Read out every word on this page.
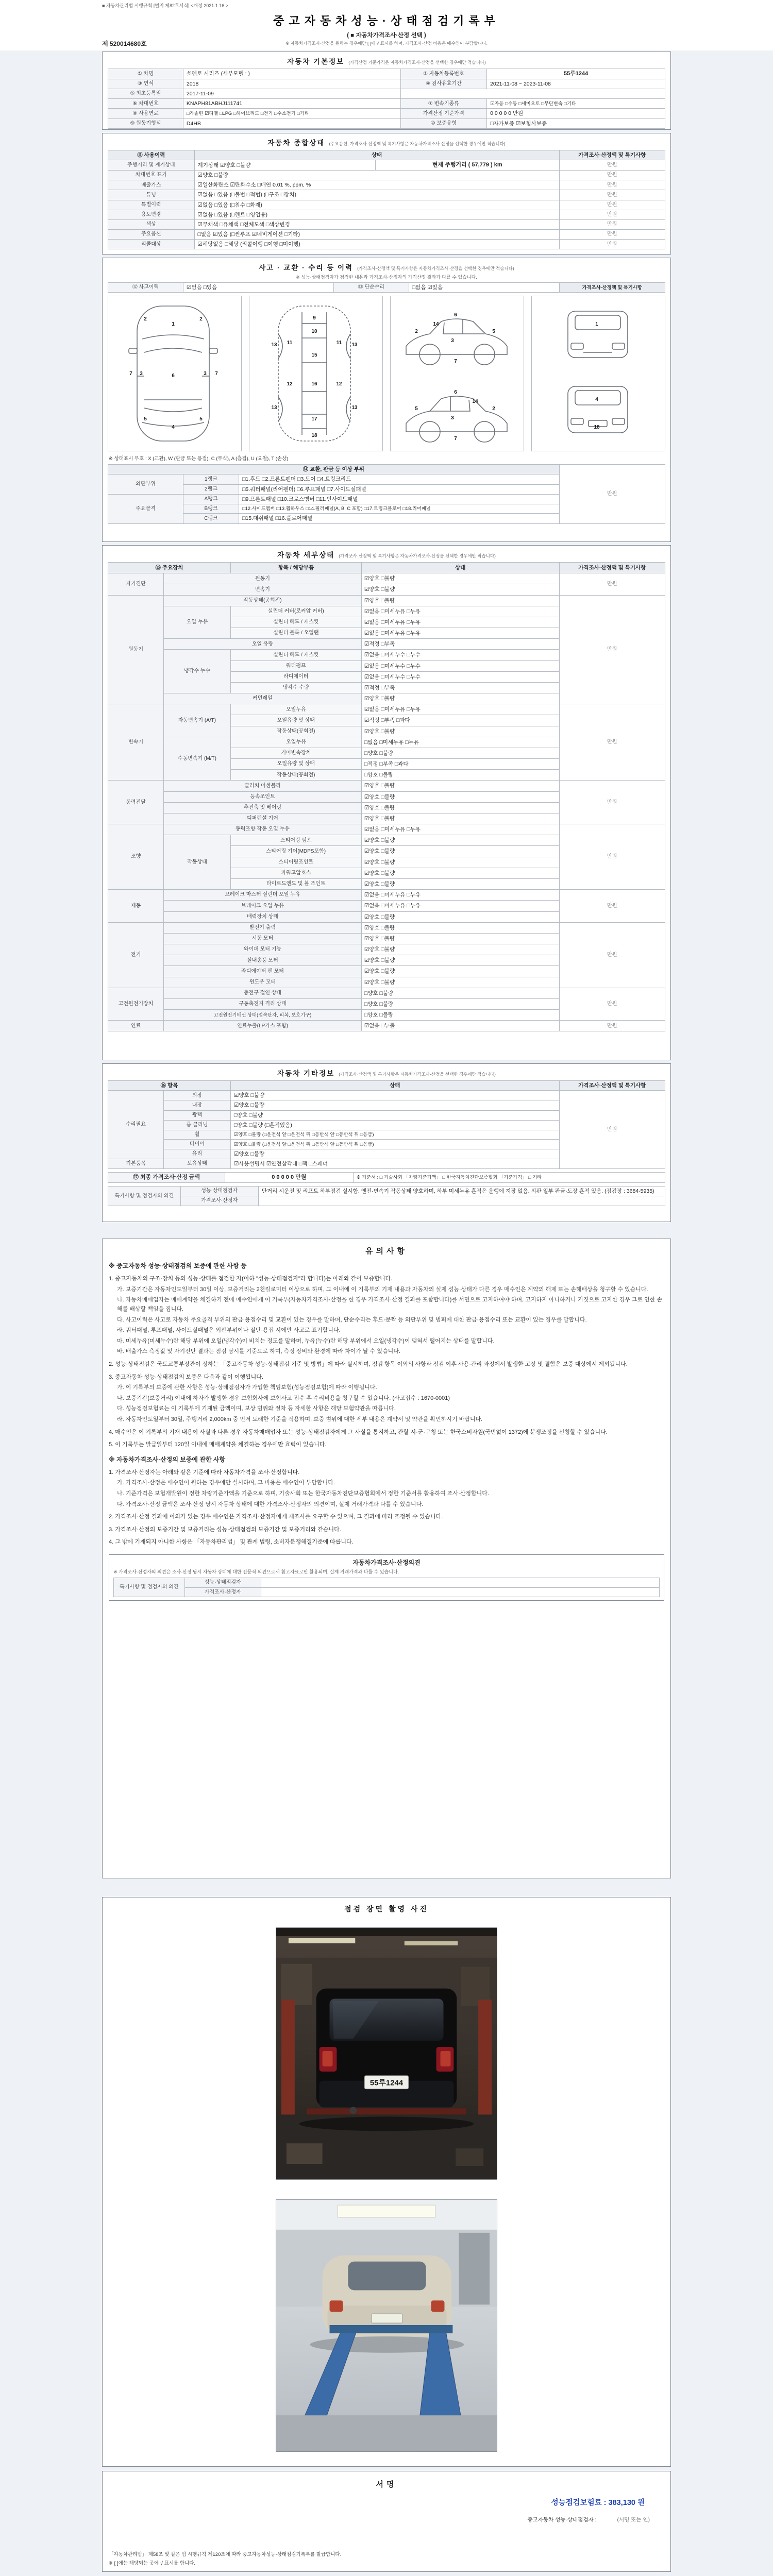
■ 자동차관리법 시행규칙 [별지 제82호서식] <개정 2021.1.16.>
중고자동차성능·상태점검기록부
( ■ 자동차가격조사·산정 선택 )
※ 자동차가격조사·산정을 원하는 경우에만 [ ]에 √ 표시를 하며, 가격조사·산정 비용은 매수인이 부담합니다.
제 520014680호
자동차 기본정보 (가격산정 기준가격은 자동차가격조사·산정을 선택한 경우에만 적습니다)
① 차명	쏘렌토 시리즈 (세부모델 : )	② 자동차등록번호	55루1244
③ 연식	2018	④ 검사유효기간	2021-11-08 ~ 2023-11-08
⑤ 최초등록일	2017-11-09		
⑥ 차대번호	KNAPH81ABHJ111741	⑦ 변속기종류	☑자동 □수동 □세미오토 □무단변속 □기타
⑧ 사용연료	□가솔린 ☑디젤 □LPG □하이브리드 □전기 □수소전기 □기타	가격산정 기준가격	0 0 0 0 0 만원
⑨ 원동기형식	D4HB	⑩ 보증유형	□자가보증 ☑보험사보증
자동차 종합상태 (주요옵션, 가격조사·산정액 및 특기사항은 자동차가격조사·산정을 선택한 경우에만 적습니다)
⑪ 사용이력	상태		가격조사·산정액 및 특기사항
주행거리 및 계기상태	계기상태 ☑양호 □불량	현재 주행거리 ( 57,779 ) km	만원
차대번호 표기	☑양호 □불량		만원
배출가스	☑일산화탄소 ☑탄화수소 □매연 0.01 %, ppm, %		만원
튜닝	☑없음 □있음 (□불법 □적법) (□구조 □장치)		만원
특별이력	☑없음 □있음 (□침수 □화재)		만원
용도변경	☑없음 □있음 (□렌트 □영업용)		만원
색상	☑무채색 □유채색 □전체도색 □색상변경		만원
주요옵션	□없음 ☑있음 (□썬루프 ☑네비게이션 □기타)		만원
리콜대상	☑해당없음 □해당 (리콜이행 □이행 □미이행)		만원
사고 · 교환 · 수리 등 이력 (가격조사·산정액 및 특기사항은 자동차가격조사·산정을 선택한 경우에만 적습니다)
※ 성능·상태점검자가 점검한 내용과 가격조사·산정자의 가격산정 결과가 다를 수 있습니다.
⑫ 사고이력	☑없음 □있음	⑬ 단순수리	□없음 ☑있음	가격조사·산정액 및 특기사항
1
2	2
3	3
4
5	5
6
7	7
9
10
11	11
15
16
12	12
13	13
13	13
17
18
6
14
2
3
5
7
6
14
5
3
2
7
1
4
18
※ 상태표시 부호 : X (교환), W (판금 또는 용접), C (부식), A (흠집), U (요철), T (손상)
⑭ 교환, 판금 등 이상 부위			만원
외판부위	1랭크	□1.후드 □2.프론트펜더 □3.도어 □4.트렁크리드	
	2랭크	□5.쿼터패널(리어펜더) □6.루프패널 □7.사이드실패널	
주요골격	A랭크	□9.프론트패널 □10.크로스멤버 □11.인사이드패널	
	B랭크	□12.사이드멤버 □13.휠하우스 □14.필러패널(A, B, C 포함) □17.트렁크플로어 □18.리어패널	
	C랭크	□15.대쉬패널 □16.플로어패널	
자동차 세부상태 (가격조사·산정액 및 특기사항은 자동차가격조사·산정을 선택한 경우에만 적습니다)
⑮ 주요장치		항목 / 해당부품	상태	가격조사·산정액 및 특기사항
자기진단	원동기		☑양호 □불량	만원
	변속기		☑양호 □불량	
원동기	작동상태(공회전)		☑양호 □불량	만원
	오일 누유	실린더 커버(로커암 커버)	☑없음 □미세누유 □누유	
		실린더 헤드 / 개스킷	☑없음 □미세누유 □누유	
		실린더 블록 / 오일팬	☑없음 □미세누유 □누유	
	오일 유량		☑적정 □부족	
	냉각수 누수	실린더 헤드 / 개스킷	☑없음 □미세누수 □누수	
		워터펌프	☑없음 □미세누수 □누수	
		라디에이터	☑없음 □미세누수 □누수	
		냉각수 수량	☑적정 □부족	
	커먼레일		☑양호 □불량	
변속기	자동변속기 (A/T)	오일누유	☑없음 □미세누유 □누유	만원
		오일유량 및 상태	☑적정 □부족 □과다	
		작동상태(공회전)	☑양호 □불량	
	수동변속기 (M/T)	오일누유	□없음 □미세누유 □누유	
		기어변속장치	□양호 □불량	
		오일유량 및 상태	□적정 □부족 □과다	
		작동상태(공회전)	□양호 □불량	
동력전달	클러치 어셈블리		☑양호 □불량	만원
	등속조인트		☑양호 □불량	
	추진축 및 베어링		☑양호 □불량	
	디퍼렌셜 기어		☑양호 □불량	
조향	동력조향 작동 오일 누유		☑없음 □미세누유 □누유	만원
	작동상태	스티어링 펌프	☑양호 □불량	
		스티어링 기어(MDPS포함)	☑양호 □불량	
		스티어링조인트	☑양호 □불량	
		파워고압호스	☑양호 □불량	
		타이로드엔드 및 볼 조인트	☑양호 □불량	
제동	브레이크 마스터 실린더 오일 누유		☑없음 □미세누유 □누유	만원
	브레이크 오일 누유		☑없음 □미세누유 □누유	
	배력장치 상태		☑양호 □불량	
전기	발전기 출력		☑양호 □불량	만원
	시동 모터		☑양호 □불량	
	와이퍼 모터 기능		☑양호 □불량	
	실내송풍 모터		☑양호 □불량	
	라디에이터 팬 모터		☑양호 □불량	
	윈도우 모터		☑양호 □불량	
고전원전기장치	충전구 절연 상태		□양호 □불량	만원
	구동축전지 격리 상태		□양호 □불량	
	고전원전기배선 상태(접속단자, 피복, 보호기구)		□양호 □불량	
연료	연료누출(LP가스 포함)		☑없음 □누출	만원
자동차 기타정보 (가격조사·산정액 및 특기사항은 자동차가격조사·산정을 선택한 경우에만 적습니다)
⑯ 항목		상태	가격조사·산정액 및 특기사항
수리필요	외장	☑양호 □불량	만원
	내장	☑양호 □불량	
	광택	□양호 □불량	
	룸 클리닝	□양호 □불량 (□흔적있음)	
	휠	☑양호 □불량 (□운전석 앞 □운전석 뒤 □동반석 앞 □동반석 뒤 □응급)	
	타이어	☑양호 □불량 (□운전석 앞 □운전석 뒤 □동반석 앞 □동반석 뒤 □응급)	
	유리	☑양호 □불량	
기본품목	보유상태	☑사용설명서 ☑안전삼각대 □잭 □스패너	
⑰ 최종 가격조사·산정 금액	0 0 0 0 0 만원	※ 기준서 : □ 기술사회 「차량기준가액」 □ 한국자동차진단보증협회 「기준가격」 □ 기타
특기사항 및 점검자의 의견	성능·상태점검자	단거리 시운전 및 리프트 하부점검 실시함. 엔진·변속기 작동상태 양호하며, 하부 미세누유 흔적은 운행에 지장 없음. 외판 일부 판금·도장 흔적 있음. (점검장 : 3684-5935)
	가격조사·산정자	
유의사항
※ 중고자동차 성능·상태점검의 보증에 관한 사항 등
1. 중고자동차의 구조·장치 등의 성능·상태를 점검한 자(이하 "성능·상태점검자"라 합니다)는 아래와 같이 보증합니다.
가. 보증기간은 자동차인도일부터 30일 이상, 보증거리는 2천킬로미터 이상으로 하며, 그 이내에 이 기록부의 기재 내용과 자동차의 실제 성능·상태가 다른 경우 매수인은 계약의 해제 또는 손해배상을 청구할 수 있습니다.
나. 자동차매매업자는 매매계약을 체결하기 전에 매수인에게 이 기록부(자동차가격조사·산정을 한 경우 가격조사·산정 결과를 포함합니다)를 서면으로 고지하여야 하며, 고지하지 아니하거나 거짓으로 고지한 경우 그로 인한 손해를 배상할 책임을 집니다.
다. 사고이력은 사고로 자동차 주요골격 부위의 판금·용접수리 및 교환이 있는 경우를 말하며, 단순수리는 후드·문짝 등 외판부위 및 범퍼에 대한 판금·용접수리 또는 교환이 있는 경우를 말합니다.
라. 쿼터패널, 루프패널, 사이드실패널은 외판부위이나 절단·용접 시에만 사고로 표기합니다.
마. 미세누유(미세누수)란 해당 부위에 오일(냉각수)이 비치는 정도를 말하며, 누유(누수)란 해당 부위에서 오일(냉각수)이 맺혀서 떨어지는 상태를 말합니다.
바. 배출가스 측정값 및 자기진단 결과는 점검 당시를 기준으로 하며, 측정 장비와 환경에 따라 차이가 날 수 있습니다.
2. 성능·상태점검은 국토교통부장관이 정하는 「중고자동차 성능·상태점검 기준 및 방법」에 따라 실시하며, 점검 항목 이외의 사항과 점검 이후 사용·관리 과정에서 발생한 고장 및 결함은 보증 대상에서 제외됩니다.
3. 중고자동차 성능·상태점검의 보증은 다음과 같이 이행됩니다.
가. 이 기록부의 보증에 관한 사항은 성능·상태점검자가 가입한 책임보험(성능점검보험)에 따라 이행됩니다.
나. 보증기간(보증거리) 이내에 하자가 발생한 경우 보험회사에 보험사고 접수 후 수리비용을 청구할 수 있습니다. (사고접수 : 1670-0001)
다. 성능점검보험료는 이 기록부에 기재된 금액이며, 보상 범위와 절차 등 자세한 사항은 해당 보험약관을 따릅니다.
라. 자동차인도일부터 30일, 주행거리 2,000km 중 먼저 도래한 기준을 적용하며, 보증 범위에 대한 세부 내용은 계약서 및 약관을 확인하시기 바랍니다.
4. 매수인은 이 기록부의 기재 내용이 사실과 다른 경우 자동차매매업자 또는 성능·상태점검자에게 그 사실을 통지하고, 관할 시·군·구청 또는 한국소비자원(국번없이 1372)에 분쟁조정을 신청할 수 있습니다.
5. 이 기록부는 발급일부터 120일 이내에 매매계약을 체결하는 경우에만 효력이 있습니다.
※ 자동차가격조사·산정의 보증에 관한 사항
1. 가격조사·산정자는 아래와 같은 기준에 따라 자동차가격을 조사·산정합니다.
가. 가격조사·산정은 매수인이 원하는 경우에만 실시하며, 그 비용은 매수인이 부담합니다.
나. 기준가격은 보험개발원이 정한 차량기준가액을 기준으로 하며, 기술사회 또는 한국자동차진단보증협회에서 정한 기준서를 활용하여 조사·산정합니다.
다. 가격조사·산정 금액은 조사·산정 당시 자동차 상태에 대한 가격조사·산정자의 의견이며, 실제 거래가격과 다를 수 있습니다.
2. 가격조사·산정 결과에 이의가 있는 경우 매수인은 가격조사·산정자에게 재조사를 요구할 수 있으며, 그 결과에 따라 조정될 수 있습니다.
3. 가격조사·산정의 보증기간 및 보증거리는 성능·상태점검의 보증기간 및 보증거리와 같습니다.
4. 그 밖에 기재되지 아니한 사항은 「자동차관리법」 및 관계 법령, 소비자분쟁해결기준에 따릅니다.
자동차가격조사·산정의견
※ 가격조사·산정자의 의견은 조사·산정 당시 자동차 상태에 대한 전문적 의견으로서 참고자료로만 활용되며, 실제 거래가격과 다를 수 있습니다.
특기사항 및 점검자의 의견	성능·상태점검자	
	가격조사·산정자	
점검 장면 촬영 사진
55루1244
서명
성능점검보험료 : 383,130 원
중고자동차 성능·상태점검자 :	(서명 또는 인)
「자동차관리법」 제58조 및 같은 법 시행규칙 제120조에 따라 중고자동차성능·상태점검기록부를 발급합니다.
※ [ ]에는 해당되는 곳에 √ 표시를 합니다.
